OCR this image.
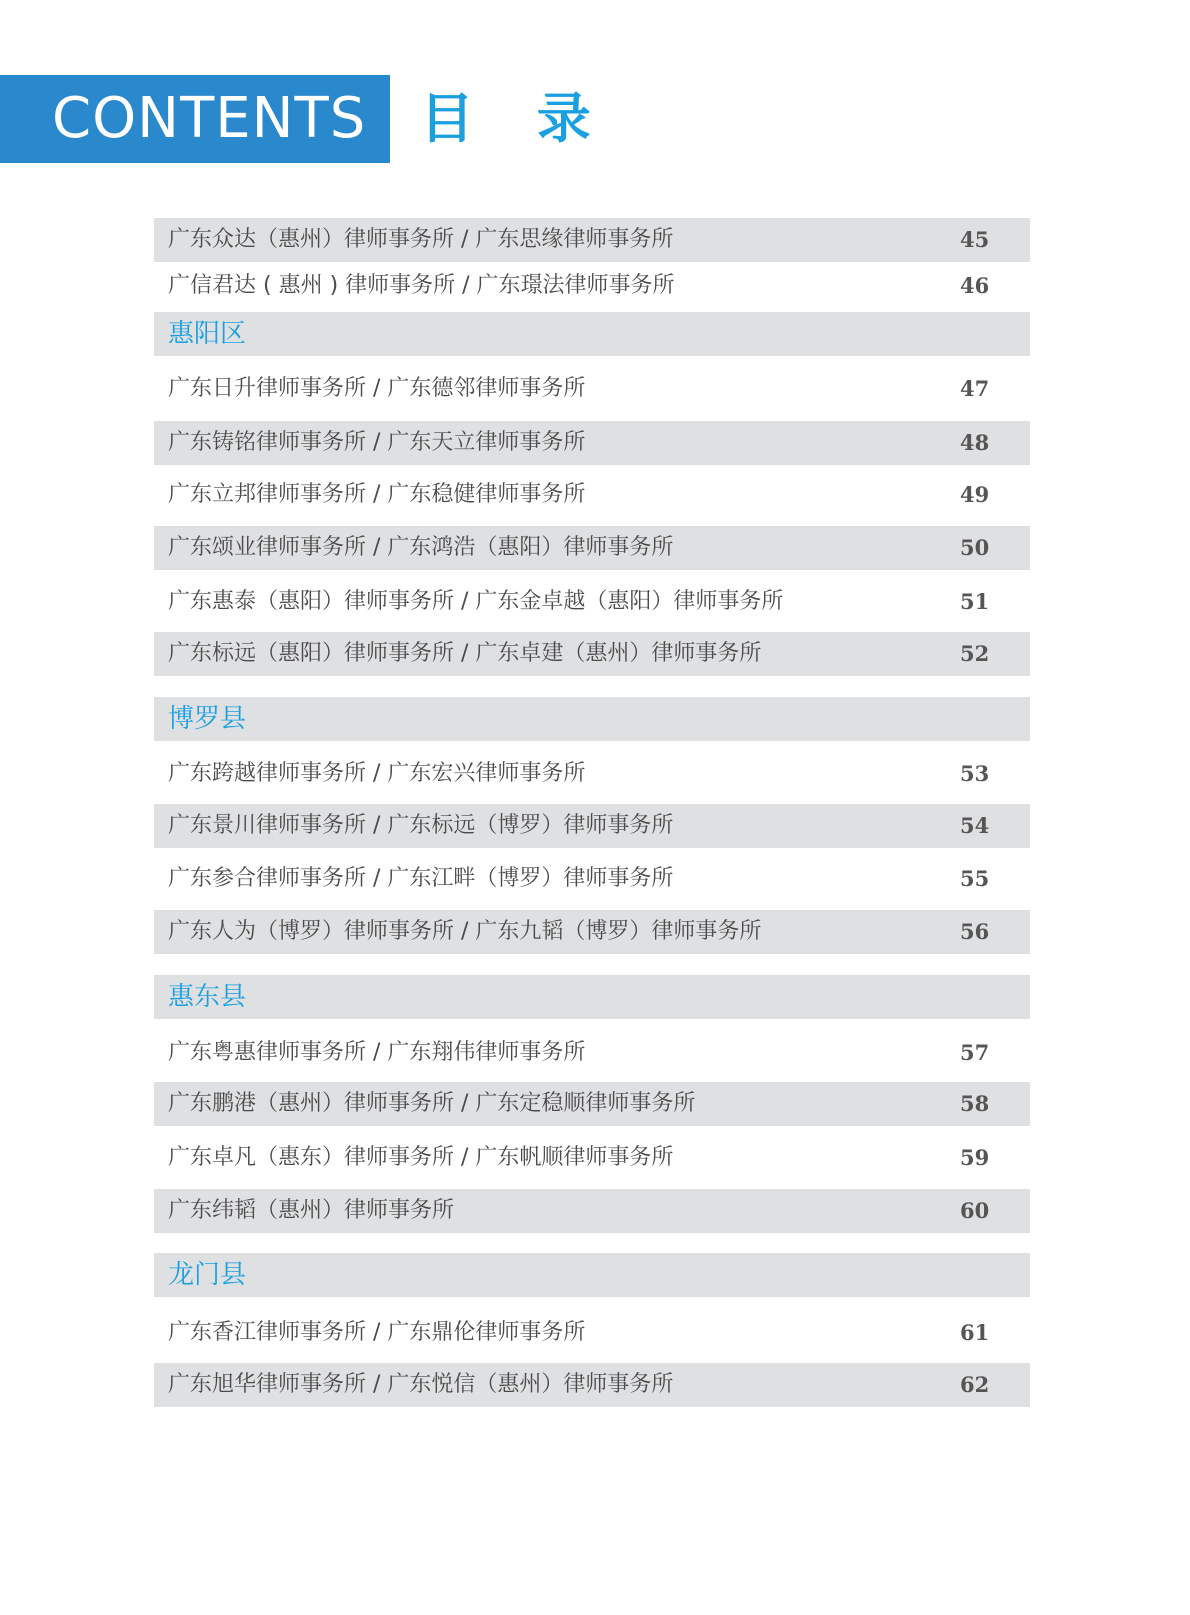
CONTENTS 目 录
广东众达（惠州）律师事务所 / 广东思缘律师事务所	45
广信君达 ( 惠州 ) 律师事务所 / 广东璟法律师事务所	46
惠阳区
广东日升律师事务所 / 广东德邻律师事务所	47
广东铸铭律师事务所 / 广东天立律师事务所	48
广东立邦律师事务所 / 广东稳健律师事务所	49
广东颂业律师事务所 / 广东鸿浩（惠阳）律师事务所	50
广东惠泰（惠阳）律师事务所 / 广东金卓越（惠阳）律师事务所	51
广东标远（惠阳）律师事务所 / 广东卓建（惠州）律师事务所	52
博罗县
广东跨越律师事务所 / 广东宏兴律师事务所	53
广东景川律师事务所 / 广东标远（博罗）律师事务所	54
广东参合律师事务所 / 广东江畔（博罗）律师事务所	55
广东人为（博罗）律师事务所 / 广东九韬（博罗）律师事务所	56
惠东县
广东粤惠律师事务所 / 广东翔伟律师事务所	57
广东鹏港（惠州）律师事务所 / 广东定稳顺律师事务所	58
广东卓凡（惠东）律师事务所 / 广东帆顺律师事务所	59
广东纬韬（惠州）律师事务所	60
龙门县
广东香江律师事务所 / 广东鼎伦律师事务所	61
广东旭华律师事务所 / 广东悦信（惠州）律师事务所	62
